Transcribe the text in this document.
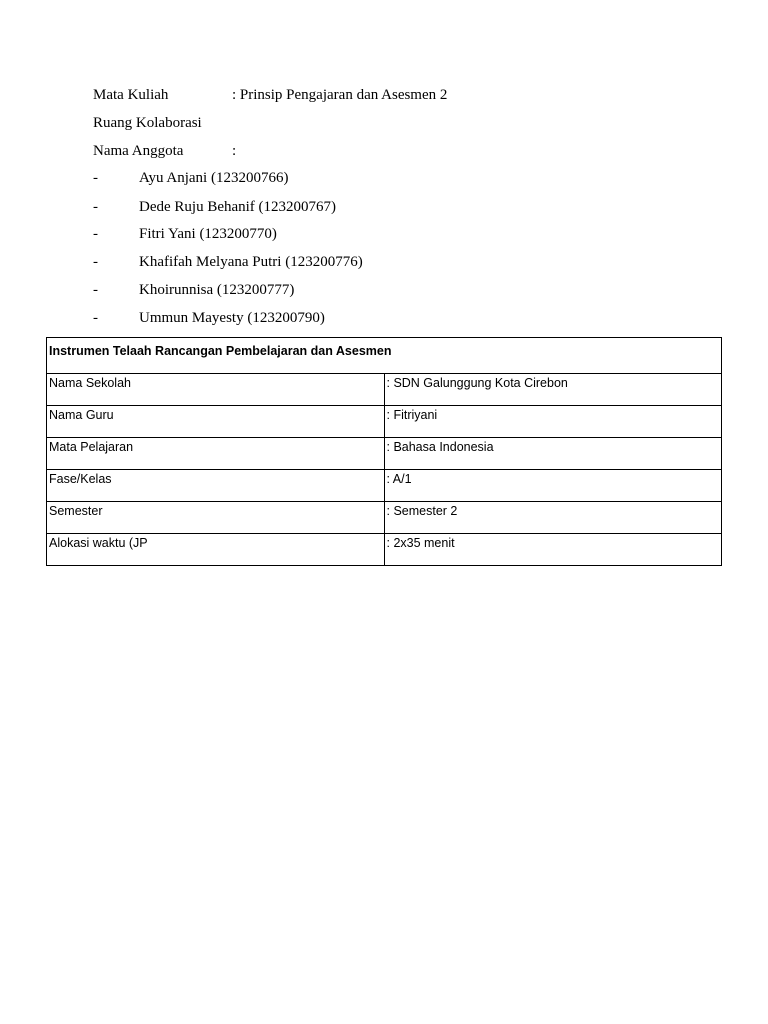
Mata Kuliah	: Prinsip Pengajaran dan Asesmen 2
Ruang Kolaborasi
Nama Anggota	:
-	Ayu Anjani (123200766)
-	Dede Ruju Behanif (123200767)
-	Fitri Yani (123200770)
-	Khafifah Melyana Putri (123200776)
-	Khoirunnisa (123200777)
-	Ummun Mayesty (123200790)
Instrumen Telaah Rancangan Pembelajaran dan Asesmen	
Nama Sekolah	: SDN Galunggung Kota Cirebon
Nama Guru	: Fitriyani
Mata Pelajaran	: Bahasa Indonesia
Fase/Kelas	: A/1
Semester	: Semester 2
Alokasi waktu (JP	: 2x35 menit
